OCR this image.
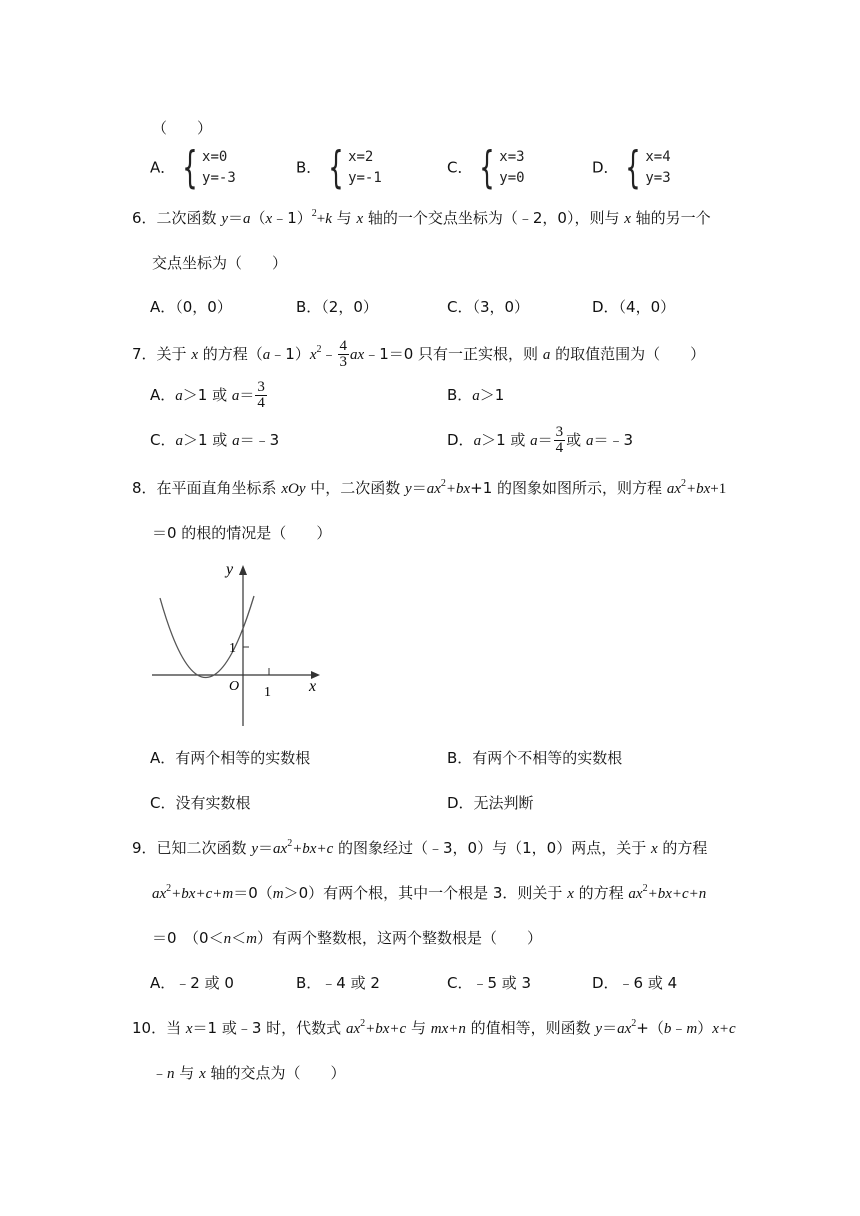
（　　）
A． { x=0
y=-3
B． { x=2
y=-1
C． { x=3
y=0
D． { x=4
y=3
6．二次函数 y＝a（x﹣1）$^2$+k 与 x 轴的一个交点坐标为（﹣2，0），则与 x 轴的另一个
交点坐标为（　　）
A．（0，0）	B．（2，0）	C．（3，0）	D．（4，0）
7．关于 x 的方程$(a﹣1)x^2﹣ \frac{4}{3}$ ax﹣1＝0 只有一正实根，则 a 的取值范围为（　　）
A．a＞1 或 $a= \frac{3}{4}$	B．a＞1
C．a＞1 或 a＝﹣3	D．a＞1 或 $a= \frac{3}{4}$ 或 a＝﹣3
8．在平面直角坐标系 xOy 中，二次函数 $y=ax^2+bx+1$ 的图象如图所示，则方程 $ax^2+bx+1$
＝0 的根的情况是（　　）
y
x
O
1
1
A．有两个相等的实数根	B．有两个不相等的实数根
C．没有实数根	D．无法判断
9．已知二次函数 $y=ax^2+bx+c$ 的图象经过（﹣3，0）与（1，0）两点，关于 x 的方程
$ax^2+bx+c+m=0(m>0)$有两个根，其中一个根是 3．则关于 x 的方程 $ax^2+bx+c+n$
＝0　（0＜n＜m）有两个整数根，这两个整数根是（　　）
A．﹣2 或 0	B．﹣4 或 2	C．﹣5 或 3	D．﹣6 或 4
10．当 x＝1 或﹣3 时，代数式 $ax^2+bx+c$ 与 mx+n 的值相等，则函数 $y=ax^2+(b﹣m)x+c$
﹣n 与 x 轴的交点为（　　）
